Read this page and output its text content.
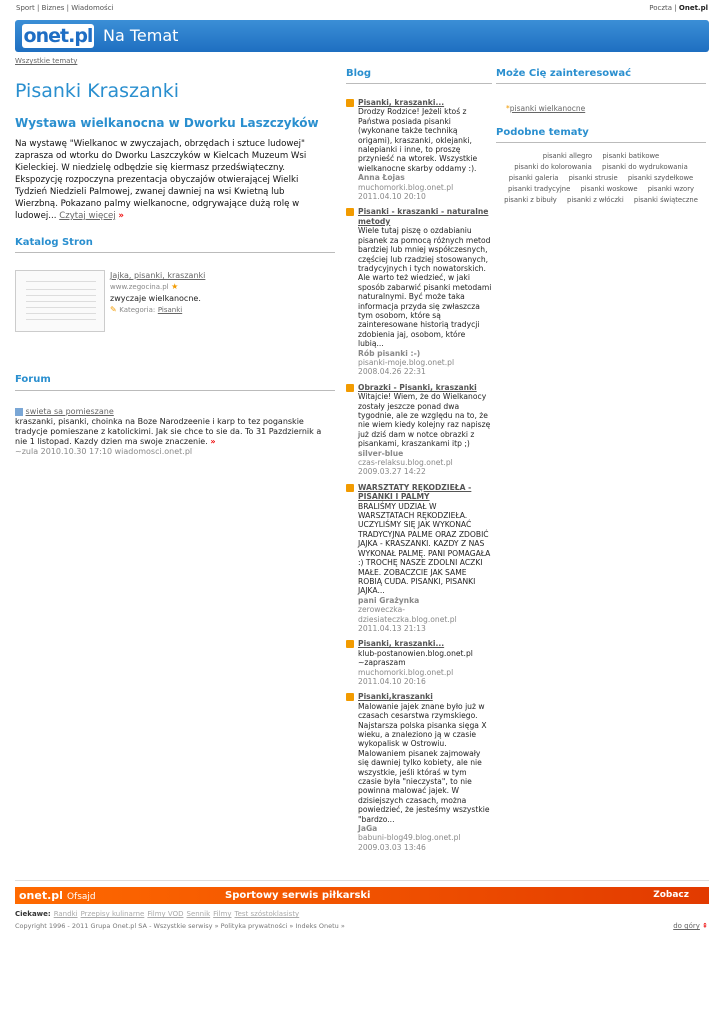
Sport | Biznes | Wiadomości	Poczta | Onet.pl
onet.pl Na Temat
Wszystkie tematy
Pisanki Kraszanki
Wystawa wielkanocna w Dworku Laszczyków
Na wystawę "Wielkanoc w zwyczajach, obrzędach i sztuce ludowej" zaprasza od wtorku do Dworku Laszczyków w Kielcach Muzeum Wsi Kieleckiej. W niedzielę odbędzie się kiermasz przedświąteczny. Ekspozycję rozpoczyna prezentacja obyczajów otwierającej Wielki Tydzień Niedzieli Palmowej, zwanej dawniej na wsi Kwietną lub Wierzbną. Pokazano palmy wielkanocne, odgrywające dużą rolę w ludowej... Czytaj więcej »
Katalog Stron
Jajka, pisanki, kraszanki
www.zegocina.pl ★
zwyczaje wielkanocne.
✎ Kategoria: Pisanki
Forum
swieta sa pomieszane
kraszanki, pisanki, choinka na Boze Narodzeenie i karp to tez poganskie tradycje pomieszane z katolickimi. Jak sie chce to sie da. To 31 Pazdziernik a nie 1 listopad. Kazdy dzien ma swoje znaczenie. »
~zula 2010.10.30 17:10 wiadomosci.onet.pl
Blog
Pisanki, kraszanki...
Drodzy Rodzice! Jeżeli ktoś z Państwa posiada pisanki (wykonane także techniką origami), kraszanki, oklejanki, nalepianki i inne, to proszę przynieść na wtorek. Wszystkie wielkanocne skarby oddamy :).
Anna Łojas
muchomorki.blog.onet.pl 2011.04.10 20:10
Pisanki - kraszanki - naturalne metody
Wiele tutaj piszę o ozdabianiu pisanek za pomocą różnych metod bardziej lub mniej współczesnych, częściej lub rzadziej stosowanych, tradycyjnych i tych nowatorskich. Ale warto też wiedzieć, w jaki sposób zabarwić pisanki metodami naturalnymi. Być może taka informacja przyda się zwłaszcza tym osobom, które są zainteresowane historią tradycji zdobienia jaj, osobom, które lubią...
Rób pisanki :-)
pisanki-moje.blog.onet.pl 2008.04.26 22:31
Obrazki - Pisanki, kraszanki
Witajcie! Wiem, że do Wielkanocy zostały jeszcze ponad dwa tygodnie, ale ze względu na to, że nie wiem kiedy kolejny raz napiszę już dziś dam w notce obrazki z pisankami, kraszankami itp ;)
silver-blue
czas-relaksu.blog.onet.pl 2009.03.27 14:22
WARSZTATY RĘKODZIEŁA - PISANKI I PALMY
BRALIŚMY UDZIAŁ W WARSZTATACH RĘKODZIEŁA. UCZYLIŚMY SIĘ JAK WYKONAĆ TRADYCYJNA PALME ORAZ ZDOBIĆ JAJKA - KRASZANKI. KAZDY Z NAS WYKONAŁ PALMĘ. PANI POMAGAŁA :) TROCHĘ NASZE ZDOLNI ACZKI MAŁE. ZOBACZCIE JAK SAME ROBIĄ CUDA. PISANKI, PISANKI JAJKA...
pani Grażynka
zeroweczka-dziesiateczka.blog.onet.pl 2011.04.13 21:13
Pisanki, kraszanki...
klub-postanowien.blog.onet.pl ~zapraszam
muchomorki.blog.onet.pl 2011.04.10 20:16
Pisanki,kraszanki
Malowanie jajek znane było już w czasach cesarstwa rzymskiego. Najstarsza polska pisanka sięga X wieku, a znaleziono ją w czasie wykopalisk w Ostrowiu. Malowaniem pisanek zajmowały się dawniej tylko kobiety, ale nie wszystkie, jeśli któraś w tym czasie była "nieczysta", to nie powinna malować jajek. W dzisiejszych czasach, można powiedzieć, że jesteśmy wszystkie "bardzo...
JaGa
babuni-blog49.blog.onet.pl 2009.03.03 13:46
Może Cię zainteresować
*pisanki wielkanocne
Podobne tematy
pisanki allegro pisanki batikowe pisanki do kolorowania pisanki do wydrukowania pisanki galeria pisanki strusie pisanki szydełkowe pisanki tradycyjne pisanki woskowe pisanki wzory pisanki z bibuły pisanki z włóczki pisanki świąteczne
onet.pl Ofsajd	Sportowy serwis piłkarski	Zobacz
Ciekawe: Randki Przepisy kulinarne Filmy VOD Sennik Filmy Test szóstoklasisty
Copyright 1996 - 2011 Grupa Onet.pl SA - Wszystkie serwisy » Polityka prywatności » Indeks Onetu »	do góry ⇞
